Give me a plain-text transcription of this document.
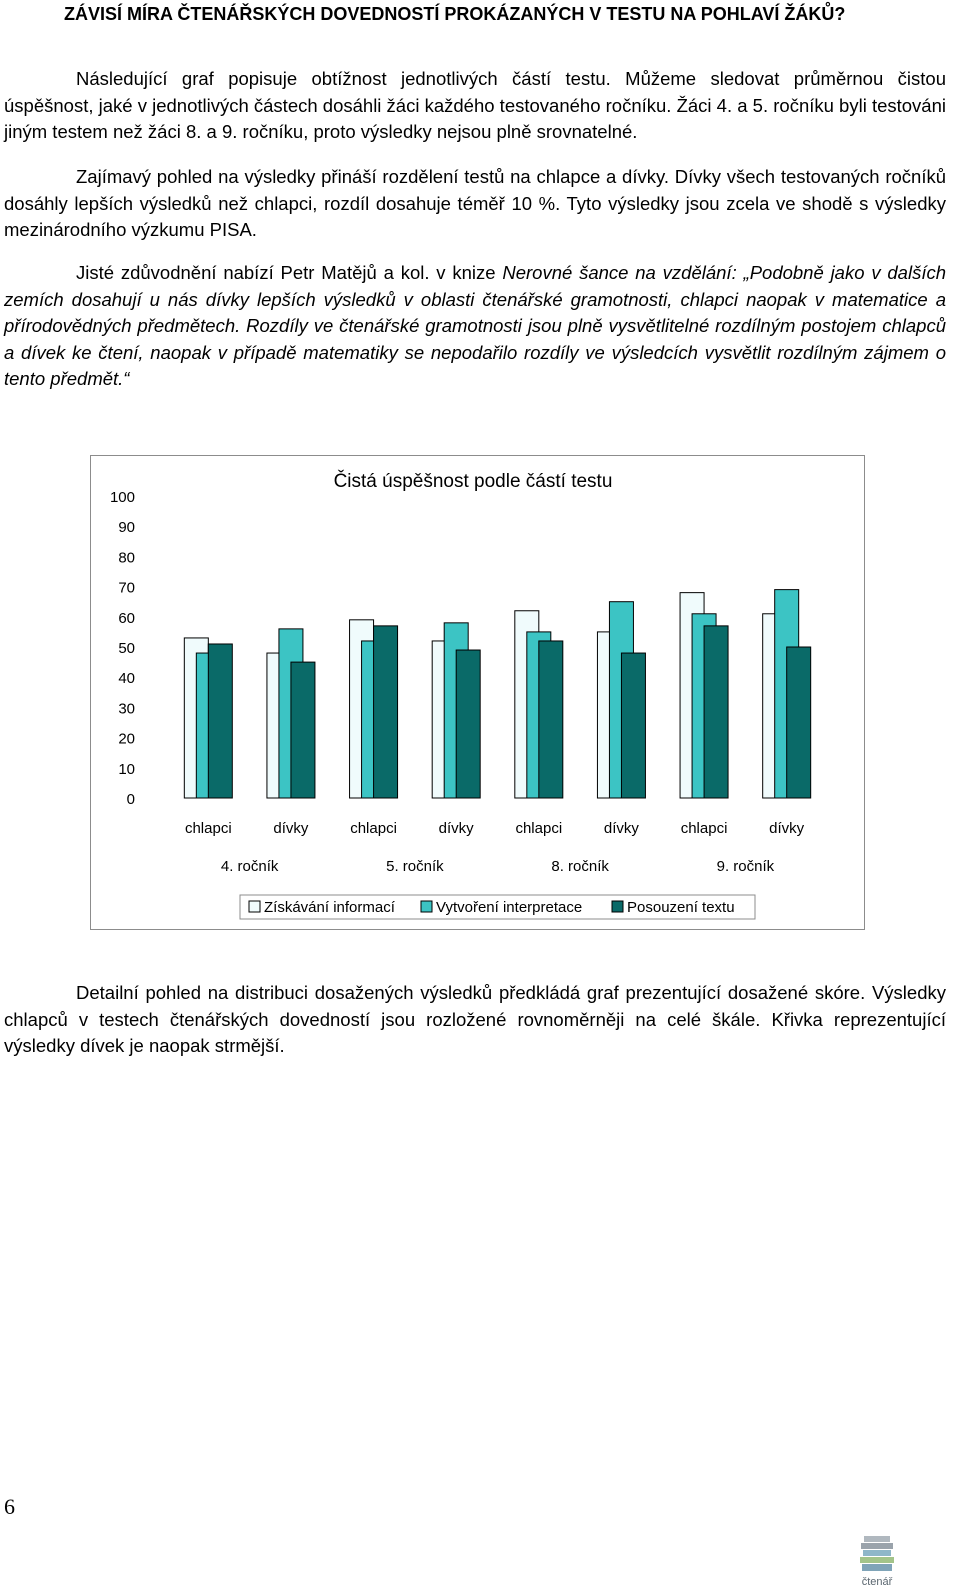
ZÁVISÍ MÍRA ČTENÁŘSKÝCH DOVEDNOSTÍ PROKÁZANÝCH V TESTU NA POHLAVÍ ŽÁKŮ?

Následující graf popisuje obtížnost jednotlivých částí testu. Můžeme sledovat průměrnou čistou úspěšnost, jaké v jednotlivých částech dosáhli žáci každého testovaného ročníku. Žáci 4. a 5. ročníku byli testováni jiným testem než žáci 8. a 9. ročníku, proto výsledky nejsou plně srovnatelné.

Zajímavý pohled na výsledky přináší rozdělení testů na chlapce a dívky. Dívky všech testovaných ročníků dosáhly lepších výsledků než chlapci, rozdíl dosahuje téměř 10 %. Tyto výsledky jsou zcela ve shodě s výsledky mezinárodního výzkumu PISA.

Jisté zdůvodnění nabízí Petr Matějů a kol. v knize Nerovné šance na vzdělání: „Podobně jako v dalších zemích dosahují u nás dívky lepších výsledků v oblasti čtenářské gramotnosti, chlapci naopak v matematice a přírodovědných předmětech. Rozdíly ve čtenářské gramotnosti jsou plně vysvětlitelné rozdílným postojem chlapců a dívek ke čtení, naopak v případě matematiky se nepodařilo rozdíly ve výsledcích vysvětlit rozdílným zájmem o tento předmět.“

Čistá úspěšnost podle částí testu
0
10
20
30
40
50
60
70
80
90
100
chlapci	dívky	chlapci	dívky	chlapci	dívky	chlapci	dívky
4. ročník	5. ročník	8. ročník	9. ročník
Získávání informací	Vytvoření interpretace	Posouzení textu

Detailní pohled na distribuci dosažených výsledků předkládá graf prezentující dosažené skóre. Výsledky chlapců v testech čtenářských dovedností jsou rozložené rovnoměrněji na celé škále. Křivka reprezentující výsledky dívek je naopak strmější.

6
čtenář
